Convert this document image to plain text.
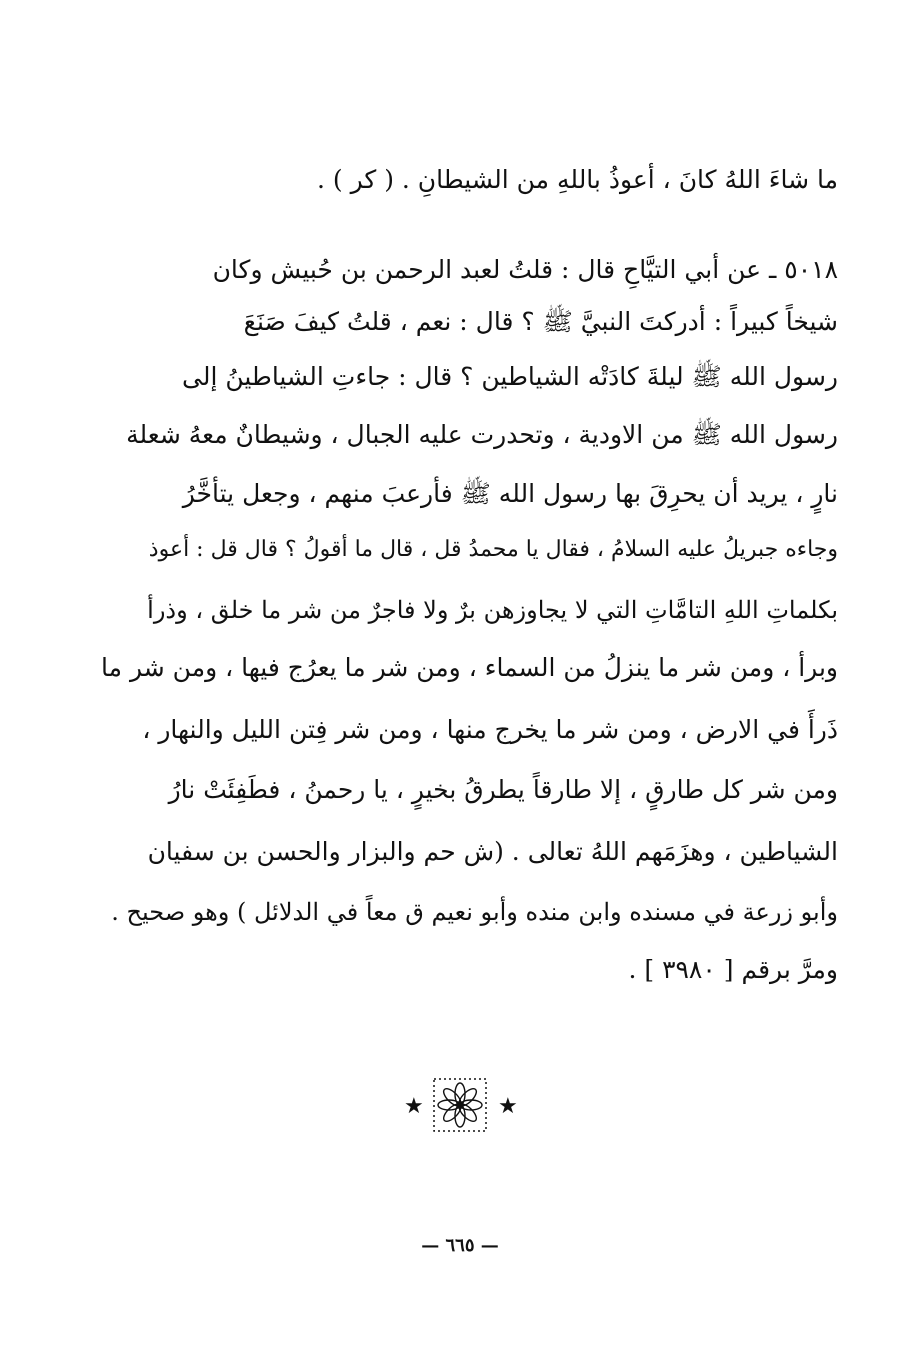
ما شاءَ اللهُ كانَ ، أعوذُ باللهِ من الشيطانِ . ( كر ) .
٥٠١٨ ـ عن أبي التيَّاحِ قال : قلتُ لعبد الرحمن بن حُبيش وكان
شيخاً كبيراً : أدركتَ النبيَّ ﷺ ؟ قال : نعم ، قلتُ كيفَ صَنَعَ
رسول الله ﷺ ليلةَ كادَتْه الشياطين ؟ قال : جاءتِ الشياطينُ إلى
رسول الله ﷺ من الاودية ، وتحدرت عليه الجبال ، وشيطانٌ معهُ شعلة
نارٍ ، يريد أن يحرِقَ بها رسول الله ﷺ فأرعبَ منهم ، وجعل يتأخَّرُ
وجاءه جبريلُ عليه السلامُ ، فقال يا محمدُ قل ، قال ما أقولُ ؟ قال قل : أعوذ
بكلماتِ اللهِ التامَّاتِ التي لا يجاوزهن برٌ ولا فاجرٌ من شر ما خلق ، وذرأ
وبرأ ، ومن شر ما ينزلُ من السماء ، ومن شر ما يعرُج فيها ، ومن شر ما
ذَرأَ في الارض ، ومن شر ما يخرج منها ، ومن شر فِتن الليل والنهار ،
ومن شر كل طارقٍ ، إلا طارقاً يطرقُ بخيرٍ ، يا رحمنُ ، فطَفِئَتْ نارُ
الشياطين ، وهزَمَهم اللهُ تعالى . (ش حم والبزار والحسن بن سفيان
وأبو زرعة في مسنده وابن منده وأبو نعيم ق معاً في الدلائل ) وهو صحيح .
ومرَّ برقم [ ٣٩٨٠ ] .
★	★
— ٦٦٥ —
